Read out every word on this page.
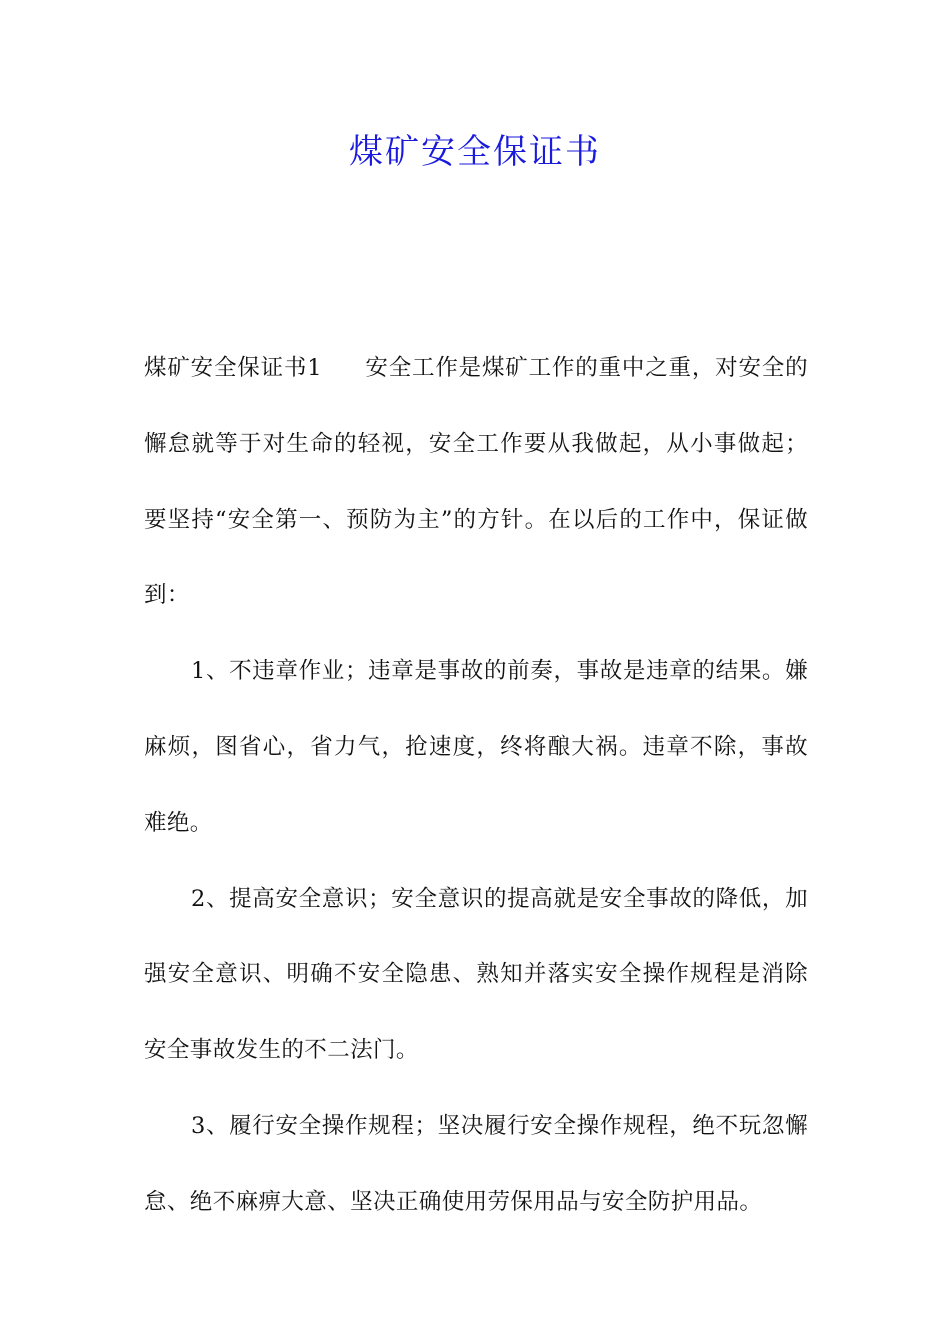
煤矿安全保证书

煤矿安全保证书1 安全工作是煤矿工作的重中之重，对安全的懈怠就等于对生命的轻视，安全工作要从我做起，从小事做起；要坚持“安全第一、预防为主”的方针。在以后的工作中，保证做到：

1、不违章作业；违章是事故的前奏，事故是违章的结果。嫌麻烦，图省心，省力气，抢速度，终将酿大祸。违章不除，事故难绝。

2、提高安全意识；安全意识的提高就是安全事故的降低，加强安全意识、明确不安全隐患、熟知并落实安全操作规程是消除安全事故发生的不二法门。

3、履行安全操作规程；坚决履行安全操作规程，绝不玩忽懈怠、绝不麻痹大意、坚决正确使用劳保用品与安全防护用品。
